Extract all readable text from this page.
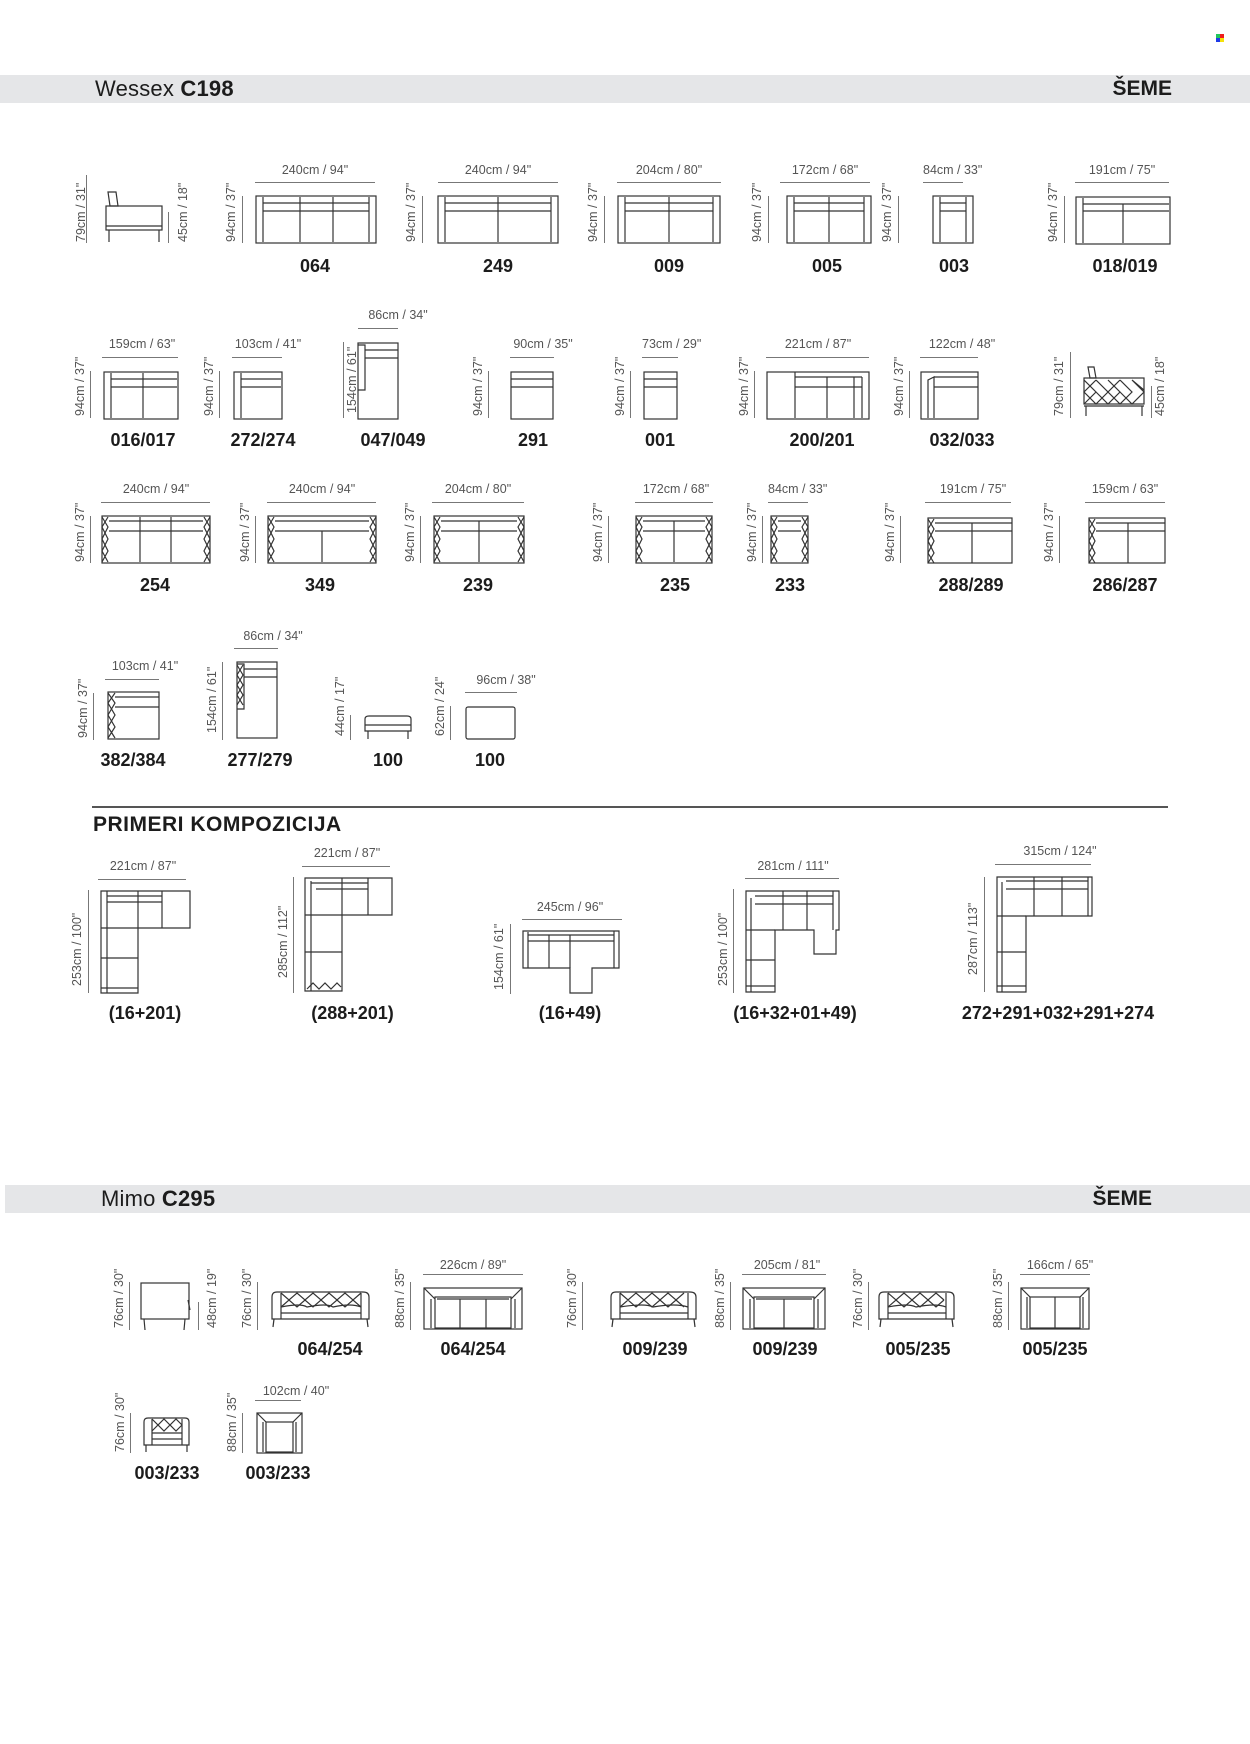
Wessex C198	ŠEME
79cm / 31"	45cm / 18"	94cm / 37"
240cm / 94"
064
94cm / 37"
240cm / 94"
249
94cm / 37"
204cm / 80"
009
94cm / 37"
172cm / 68"
005
94cm / 37"
84cm / 33"
003
94cm / 37"
191cm / 75"
018/019
94cm / 37"
159cm / 63"
016/017
94cm / 37"
103cm / 41"
272/274
154cm / 61"
86cm / 34"
047/049
94cm / 37"
90cm / 35"
291
94cm / 37"
73cm / 29"
001
94cm / 37"
221cm / 87"
200/201
94cm / 37"
122cm / 48"
032/033
79cm / 31"	45cm / 18"
94cm / 37"
240cm / 94"
254
94cm / 37"
240cm / 94"
349
94cm / 37"
204cm / 80"
239
94cm / 37"
172cm / 68"
235
94cm / 37"
84cm / 33"
233
94cm / 37"
191cm / 75"
288/289
94cm / 37"
159cm / 63"
286/287
94cm / 37"
103cm / 41"
382/384
154cm / 61"
86cm / 34"
277/279
44cm / 17"
100
62cm / 24"	96cm / 38"
100
PRIMERI KOMPOZICIJA
253cm / 100"
221cm / 87"
(16+201)
285cm / 112"
221cm / 87"
(288+201)
154cm / 61"
245cm / 96"
(16+49)
253cm / 100"
281cm / 111"
(16+32+01+49)
287cm / 113"
315cm / 124"
272+291+032+291+274
Mimo C295	ŠEME
76cm / 30"	48cm / 19" 76cm / 30"
064/254
88cm / 35"
226cm / 89"
064/254
76cm / 30"
009/239
88cm / 35"
205cm / 81"
009/239
76cm / 30"
005/235
88cm / 35"
166cm / 65"
005/235
76cm / 30"
003/233
88cm / 35"
102cm / 40"
003/233
